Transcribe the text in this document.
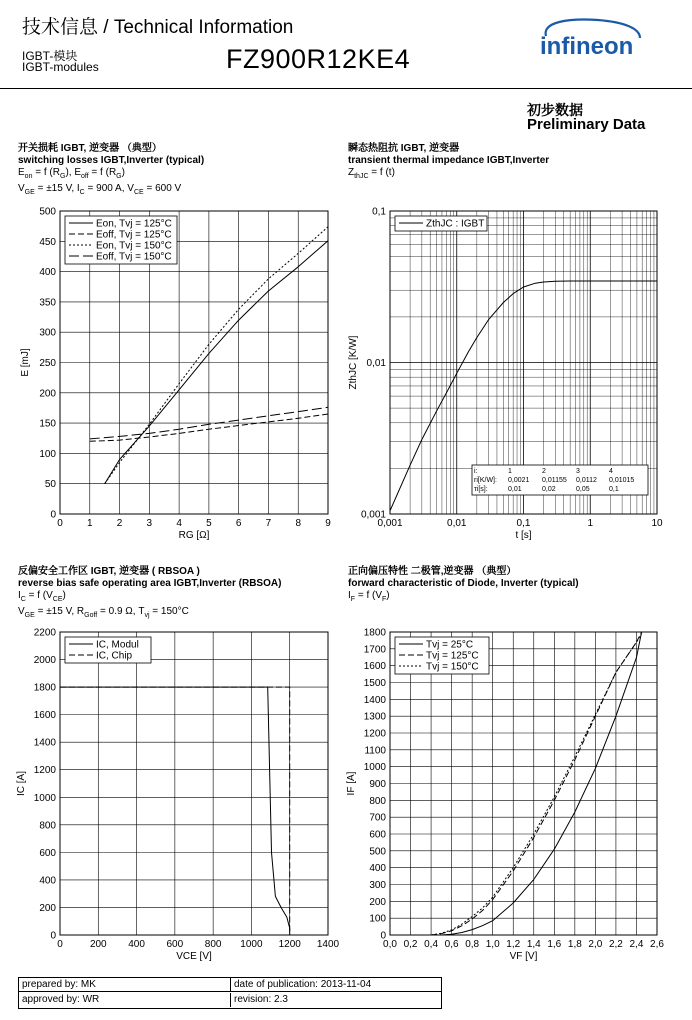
技术信息 / Technical Information
IGBT-模块
IGBT-modules	FZ900R12KE4	infineon
初步数据
Preliminary Data
开关损耗 IGBT, 逆变器 （典型）
switching losses IGBT,Inverter (typical)
$E_{on} = f$ $(R_G)$, $E_{off} = f$ $(R_G)$
$V_{GE} = \pm 15$ V, $I_C = 900$ A, $V_{CE} = 600$ V
瞬态热阻抗 IGBT, 逆变器
transient thermal impedance IGBT,Inverter
$Z_{thJC} = f$ (t)
反偏安全工作区 IGBT, 逆变器 ( RBSOA )
reverse bias safe operating area IGBT,Inverter (RBSOA)
$I_C = f$ $(V_{CE})$
$V_{GE} = \pm 15$ V, $R_{Goff} = 0.9$ Ω, $T_{vj} = 150^\circ C$
正向偏压特性 二极管,逆变器 （典型）
forward characteristic of Diode, Inverter (typical)
$I_F = f$ $(V_F)$
0 1 2 3 4 5 6 7 8 9
0
50
100
150
200
250
300
350
400
450
500
RG [Ω]
E [mJ]
Eon, Tvj = 125°C
Eoff, Tvj = 125°C
Eon, Tvj = 150°C
Eoff, Tvj = 150°C
0,001	0,01	0,1	1	10
0,001
0,01
0,1
t [s]
ZthJC [K/W]
ZthJC : IGBT
i:	1	2	3	4
ri[K/W]: 0,0021 0,01155 0,0112 0,01015
τi[s]:	0,01	0,02	0,05	0,1
0	200 400 600 800 1000 1200 1400
0
200
400
600
800
1000
1200
1400
1600
1800
2000
2200
VCE [V]
IC [A]
IC, Modul
IC, Chip
0,0 0,2 0,4 0,6 0,8 1,0 1,2 1,4 1,6 1,8 2,0 2,2 2,4 2,6
0
100
200
300
400
500
600
700
800
900
1000
1100
1200
1300
1400
1500
1600
1700
1800
VF [V]
IF [A]
Tvj = 25°C
Tvj = 125°C
Tvj = 150°C
prepared by: MK	date of publication: 2013-11-04
approved by: WR	revision: 2.3
